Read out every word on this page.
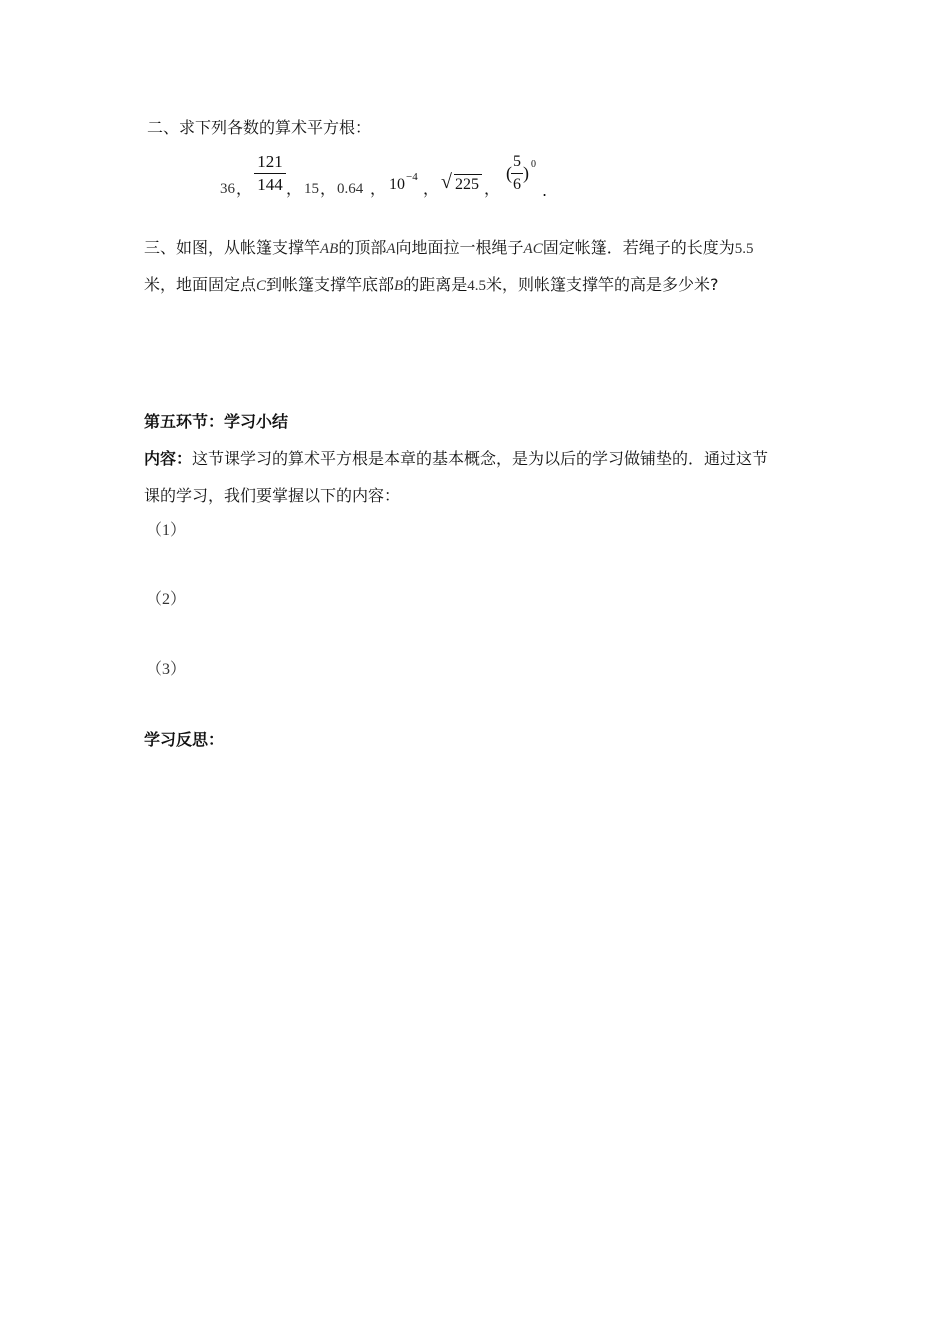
二、求下列各数的算术平方根：
36 ，
121
144 ， 15 ， 0.64 ， 10 −4
， √ 225 ，
(
5
6
) 0
.
三、如图，从帐篷支撑竿AB的顶部A向地面拉一根绳子AC固定帐篷．若绳子的长度为5.5
米，地面固定点C到帐篷支撑竿底部B的距离是4.5米，则帐篷支撑竿的高是多少米?
第五环节：学习小结
内容：这节课学习的算术平方根是本章的基本概念，是为以后的学习做铺垫的．通过这节
课的学习，我们要掌握以下的内容：
（1）
（2）
（3）
学习反思：
